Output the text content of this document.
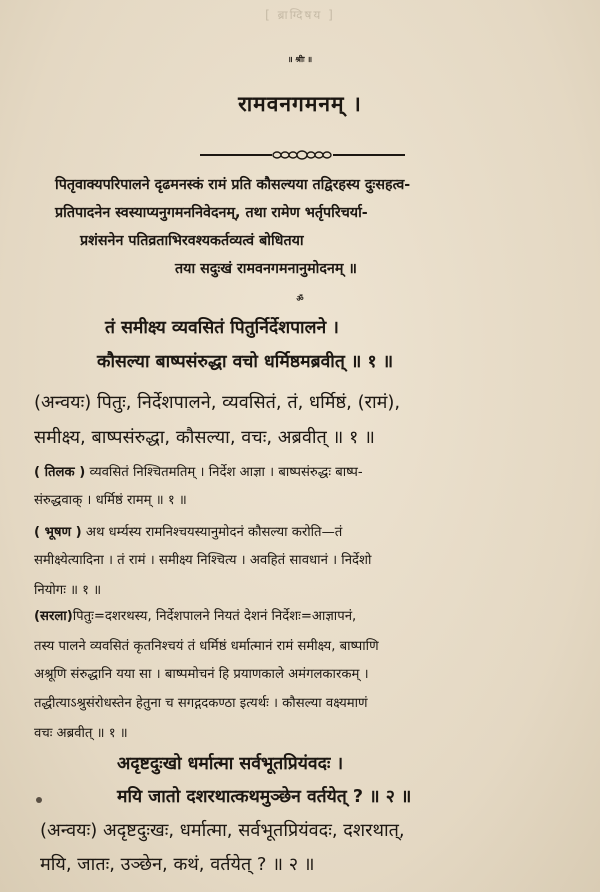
[ ब्राग्दिषय ]
॥ श्रीः ॥
रामवनगमनम् ।
पितृवाक्यपरिपालने दृढमनस्कं रामं प्रति कौसल्यया तद्विरहस्य दुःसहत्व-
प्रतिपादनेन स्वस्याप्यनुगमननिवेदनम्, तथा रामेण भर्तृपरिचर्या-
प्रशंसनेन पतिव्रताभिरवश्यकर्तव्यत्वं बोधितया
तया सदुःखं रामवनगमनानुमोदनम् ॥
ॐ
तं समीक्ष्य व्यवसितं पितुर्निर्देशपालने ।
कौसल्या बाष्पसंरुद्धा वचो धर्मिष्ठमब्रवीत् ॥ १ ॥
(अन्वयः) पितुः, निर्देशपालने, व्यवसितं, तं, धर्मिष्ठं, (रामं),
समीक्ष्य, बाष्पसंरुद्धा, कौसल्या, वचः, अब्रवीत् ॥ १ ॥
( तिलक ) व्यवसितं निश्चितमतिम् । निर्देश आज्ञा । बाष्पसंरुद्धः बाष्प-
संरुद्धवाक् । धर्मिष्ठं रामम् ॥ १ ॥
( भूषण ) अथ धर्म्यस्य रामनिश्चयस्यानुमोदनं कौसल्या करोति—तं
समीक्ष्येत्यादिना । तं रामं । समीक्ष्य निश्चित्य । अवहितं सावधानं । निर्देशो
नियोगः ॥ १ ॥
(सरला)पितुः=दशरथस्य, निर्देशपालने नियतं देशनं निर्देशः=आज्ञापनं,
तस्य पालने व्यवसितं कृतनिश्चयं तं धर्मिष्ठं धर्मात्मानं रामं समीक्ष्य, बाष्पाणि
अश्रूणि संरुद्धानि यया सा । बाष्पमोचनं हि प्रयाणकाले अमंगलकारकम् ।
तद्धीत्याऽश्रुसंरोधस्तेन हेतुना च सगद्गदकण्ठा इत्यर्थः । कौसल्या वक्ष्यमाणं
वचः अब्रवीत् ॥ १ ॥
अदृष्टदुःखो धर्मात्मा सर्वभूतप्रियंवदः ।
मयि जातो दशरथात्कथमुञ्छेन वर्तयेत् ? ॥ २ ॥
(अन्वयः) अदृष्टदुःखः, धर्मात्मा, सर्वभूतप्रियंवदः, दशरथात्,
मयि, जातः, उञ्छेन, कथं, वर्तयेत् ? ॥ २ ॥
